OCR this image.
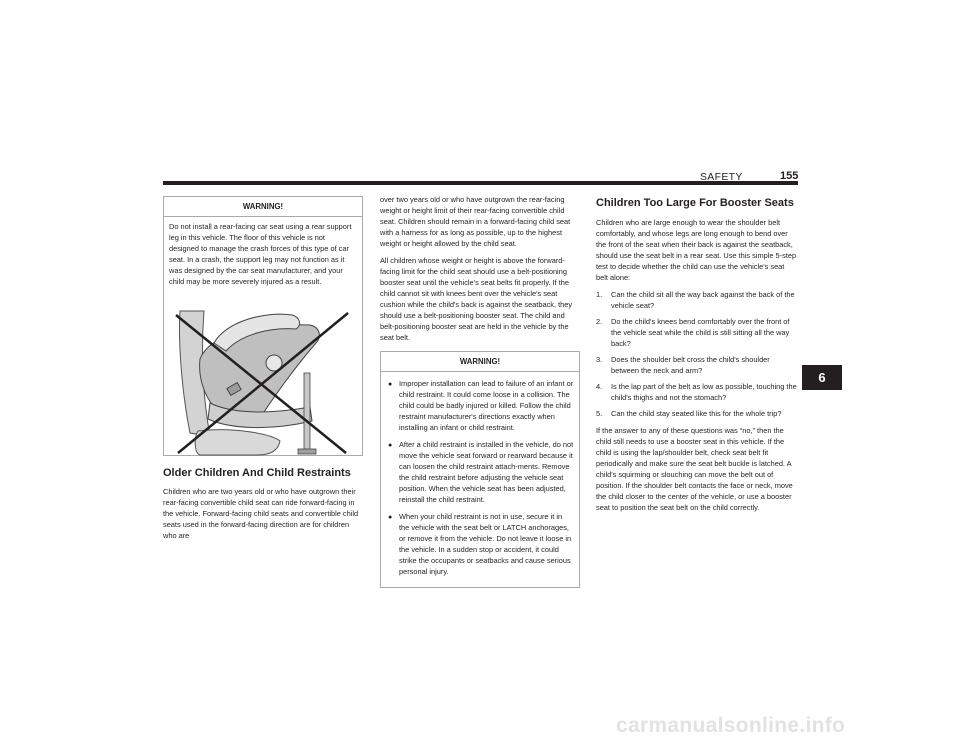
SAFETY	155
6
WARNING!
Do not install a rear-facing car seat using a rear support leg in this vehicle. The floor of this vehicle is not designed to manage the crash forces of this type of car seat. In a crash, the support leg may not function as it was designed by the car seat manufacturer, and your child may be more severely injured as a result.
Older Children And Child Restraints

Children who are two years old or who have outgrown their rear-facing convertible child seat can ride forward-facing in the vehicle. Forward-facing child seats and convertible child seats used in the forward-facing direction are for children who are

over two years old or who have outgrown the rear-facing weight or height limit of their rear-facing convertible child seat. Children should remain in a forward-facing child seat with a harness for as long as possible, up to the highest weight or height allowed by the child seat.

All children whose weight or height is above the forward-facing limit for the child seat should use a belt-positioning booster seat until the vehicle's seat belts fit properly. If the child cannot sit with knees bent over the vehicle's seat cushion while the child's back is against the seatback, they should use a belt-positioning booster seat. The child and belt-positioning booster seat are held in the vehicle by the seat belt.

WARNING!
● Improper installation can lead to failure of an infant or child restraint. It could come loose in a collision. The child could be badly injured or killed. Follow the child restraint manufacturer's directions exactly when installing an infant or child restraint.
● After a child restraint is installed in the vehicle, do not move the vehicle seat forward or rearward because it can loosen the child restraint attach-ments. Remove the child restraint before adjusting the vehicle seat position. When the vehicle seat has been adjusted, reinstall the child restraint.
● When your child restraint is not in use, secure it in the vehicle with the seat belt or LATCH anchorages, or remove it from the vehicle. Do not leave it loose in the vehicle. In a sudden stop or accident, it could strike the occupants or seatbacks and cause serious personal injury.
Children Too Large For Booster Seats

Children who are large enough to wear the shoulder belt comfortably, and whose legs are long enough to bend over the front of the seat when their back is against the seatback, should use the seat belt in a rear seat. Use this simple 5-step test to decide whether the child can use the vehicle's seat belt alone:

1. Can the child sit all the way back against the back of the vehicle seat?
2. Do the child's knees bend comfortably over the front of the vehicle seat while the child is still sitting all the way back?
3. Does the shoulder belt cross the child's shoulder between the neck and arm?
4. Is the lap part of the belt as low as possible, touching the child's thighs and not the stomach?
5. Can the child stay seated like this for the whole trip?

If the answer to any of these questions was “no,” then the child still needs to use a booster seat in this vehicle. If the child is using the lap/shoulder belt, check seat belt fit periodically and make sure the seat belt buckle is latched. A child's squirming or slouching can move the belt out of position. If the shoulder belt contacts the face or neck, move the child closer to the center of the vehicle, or use a booster seat to position the seat belt on the child correctly.

carmanualsonline.info
